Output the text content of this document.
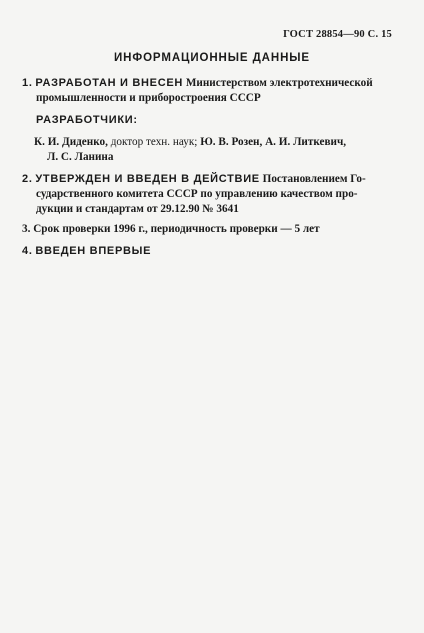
ГОСТ 28854—90 С. 15
ИНФОРМАЦИОННЫЕ ДАННЫЕ
1. РАЗРАБОТАН И ВНЕСЕН Министерством электротехнической
промышленности и приборостроения СССР
РАЗРАБОТЧИКИ:
К. И. Диденко, доктор техн. наук; Ю. В. Розен, А. И. Литкевич,
Л. С. Ланина
2. УТВЕРЖДЕН И ВВЕДЕН В ДЕЙСТВИЕ Постановлением Го-
сударственного комитета СССР по управлению качеством про-
дукции и стандартам от 29.12.90 № 3641
3. Срок проверки 1996 г., периодичность проверки — 5 лет
4. ВВЕДЕН ВПЕРВЫЕ
